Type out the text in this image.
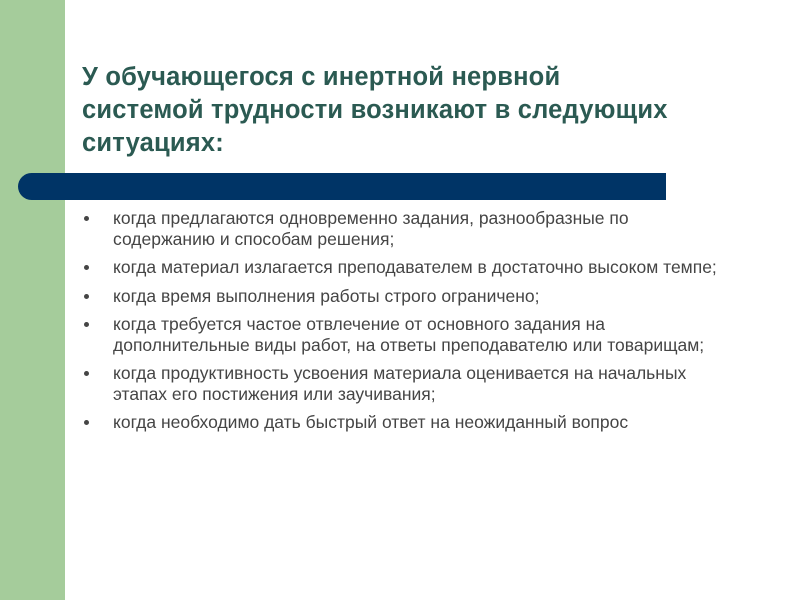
У обучающегося с инертной нервной системой трудности возникают в следующих ситуациях:
когда предлагаются одновременно задания, разнообразные по содержанию и способам решения;
когда материал излагается преподавателем в достаточно высоком темпе;
когда время выполнения работы строго ограничено;
когда требуется частое отвлечение от основного задания на дополнительные виды работ, на ответы преподавателю или товарищам;
когда продуктивность усвоения материала оценивается на начальных этапах его постижения или заучивания;
когда необходимо дать быстрый ответ на неожиданный вопрос
